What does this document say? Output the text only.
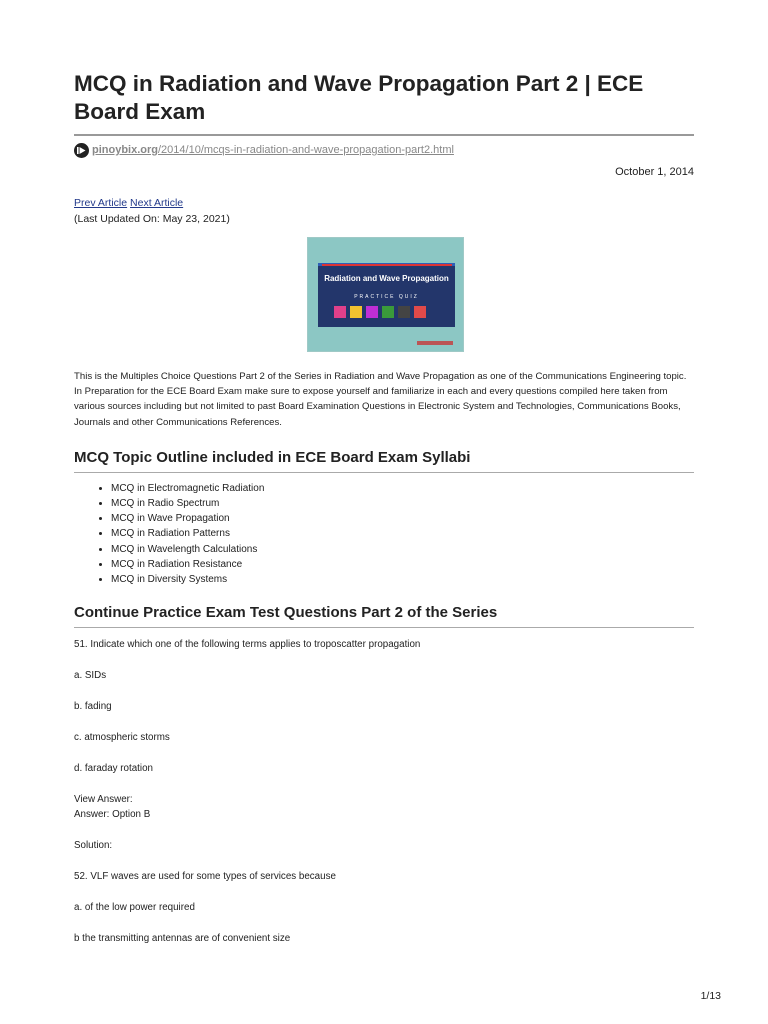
MCQ in Radiation and Wave Propagation Part 2 | ECE Board Exam
pinoybix.org /2014/10/mcqs-in-radiation-and-wave-propagation-part2.html
October 1, 2014
Prev Article Next Article
(Last Updated On: May 23, 2021)
Radiation and Wave Propagation
PRACTICE QUIZ

This is the Multiples Choice Questions Part 2 of the Series in Radiation and Wave Propagation as one of the Communications Engineering topic. In Preparation for the ECE Board Exam make sure to expose yourself and familiarize in each and every questions compiled here taken from various sources including but not limited to past Board Examination Questions in Electronic System and Technologies, Communications Books, Journals and other Communications References.

MCQ Topic Outline included in ECE Board Exam Syllabi
• MCQ in Electromagnetic Radiation
• MCQ in Radio Spectrum
• MCQ in Wave Propagation
• MCQ in Radiation Patterns
• MCQ in Wavelength Calculations
• MCQ in Radiation Resistance
• MCQ in Diversity Systems
Continue Practice Exam Test Questions Part 2 of the Series

51. Indicate which one of the following terms applies to troposcatter propagation

a. SIDs

b. fading

c. atmospheric storms

d. faraday rotation

View Answer:

Answer: Option B

Solution:

52. VLF waves are used for some types of services because

a. of the low power required

b the transmitting antennas are of convenient size

1/13
